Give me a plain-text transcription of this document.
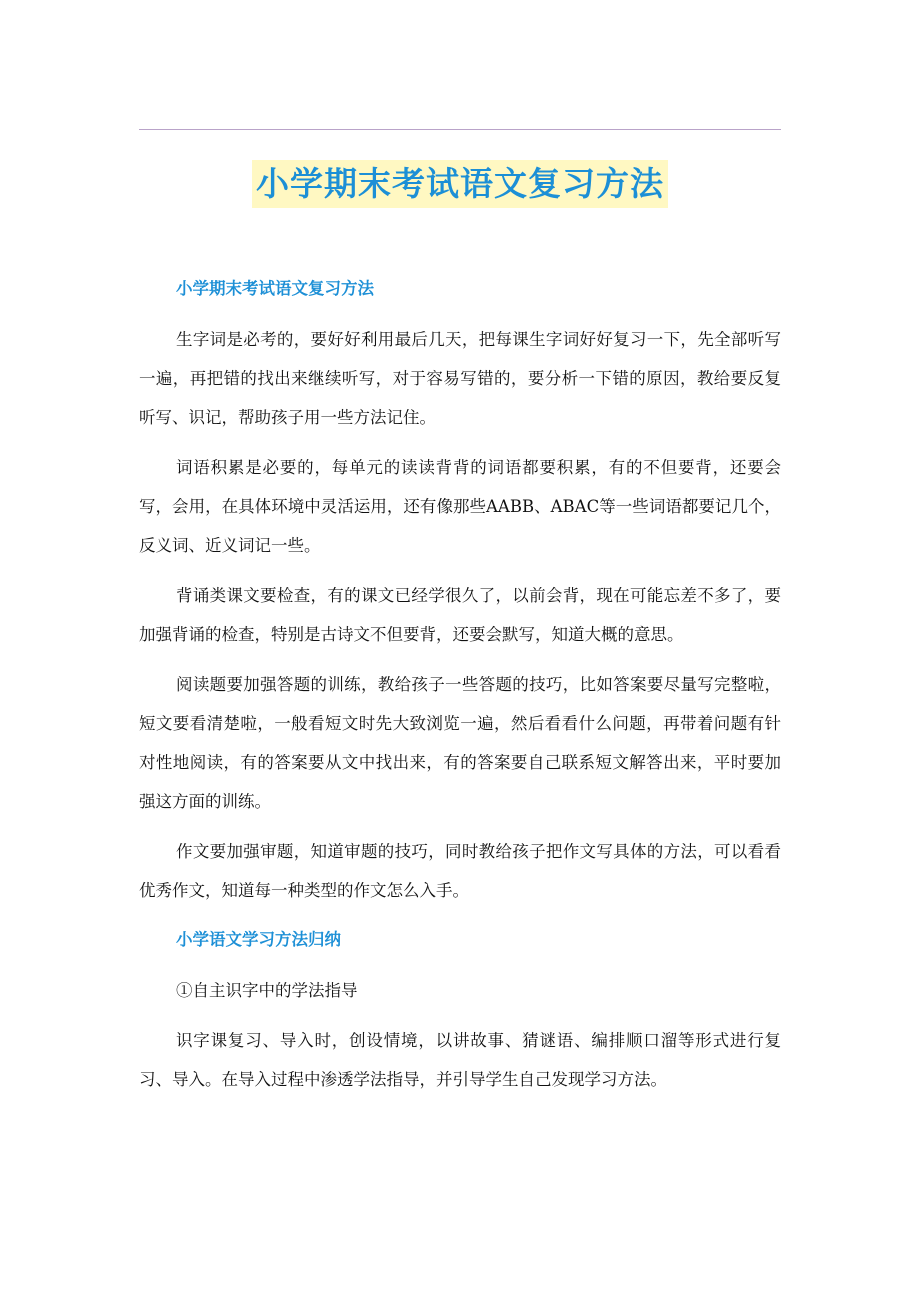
小学期末考试语文复习方法

小学期末考试语文复习方法

生字词是必考的，要好好利用最后几天，把每课生字词好好复习一下，先全部听写一遍，再把错的找出来继续听写，对于容易写错的，要分析一下错的原因，教给要反复听写、识记，帮助孩子用一些方法记住。

词语积累是必要的，每单元的读读背背的词语都要积累，有的不但要背，还要会写，会用，在具体环境中灵活运用，还有像那些AABB、ABAC等一些词语都要记几个，反义词、近义词记一些。

背诵类课文要检查，有的课文已经学很久了，以前会背，现在可能忘差不多了，要加强背诵的检查，特别是古诗文不但要背，还要会默写，知道大概的意思。

阅读题要加强答题的训练，教给孩子一些答题的技巧，比如答案要尽量写完整啦，短文要看清楚啦，一般看短文时先大致浏览一遍，然后看看什么问题，再带着问题有针对性地阅读，有的答案要从文中找出来，有的答案要自己联系短文解答出来，平时要加强这方面的训练。

作文要加强审题，知道审题的技巧，同时教给孩子把作文写具体的方法，可以看看优秀作文，知道每一种类型的作文怎么入手。

小学语文学习方法归纳

①自主识字中的学法指导

识字课复习、导入时，创设情境，以讲故事、猜谜语、编排顺口溜等形式进行复习、导入。在导入过程中渗透学法指导，并引导学生自己发现学习方法。
